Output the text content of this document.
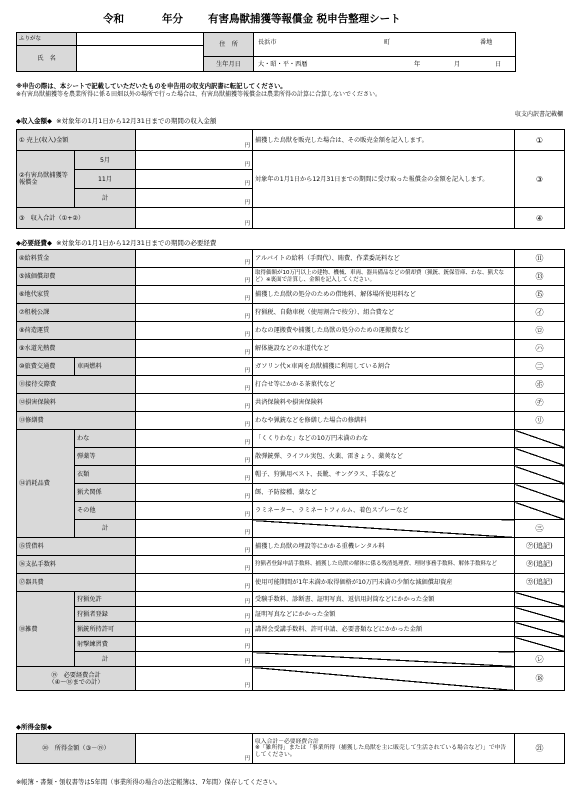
令和	年分 有害鳥獣捕獲等報償金 税申告整理シート
ふりがな		住　所	長浜市 町 番地

氏　名			
		生年月日	大・昭・平・西暦 年 月 日
※申告の際は、本シートで記載していただいたものを申告用の収支内訳書に転記してください。
※有害鳥獣捕獲等を農業所得に係る田畑以外の場所で行った場合は、有害鳥獣捕獲等報償金は農業所得の計算に合算しないでください。
◆収入金額◆ ※対象年の1月1日から12月31日までの期間の収入金額
収支内訳書記載欄
① 売上(収入)金額		円	捕獲した鳥獣を販売した場合は、その販売金額を記入します。	①
②有害鳥獣捕獲等報償金	5月	円	対象年の1月1日から12月31日までの期間に受け取った報償金の金額を記入します。	③
	11月	円		
	計	円		
③　収入合計（①+②）		円		④
◆必要経費◆ ※対象年の1月1日から12月31日までの期間の必要経費
④給料賃金		円	アルバイトの給料（手間代）、賄費、作業委託料など	⑪
⑤減価償却費		円	取得価額が10万円以上の建物、機械、車両、器具備品などの償却費（猟銃、銃保管庫、わな、猟犬など）※裏面で計算し、金額を記入してください。	⑬
⑥地代家賃		円	捕獲した鳥獣の処分のための借地料、解体場所使用料など	⑮
⑦租税公課		円	狩猟税、自動車税（使用割合で按分）、組合費など	㋑
⑧荷造運賃		円	わなの運搬費や捕獲した鳥獣の処分のための運搬費など	㋺
⑨水道光熱費		円	解体施設などの水道代など	㋩
⑩旅費交通費	車両燃料	円	ガソリン代×車両を鳥獣捕獲に利用している割合	㊁
⑪接待交際費		円	打合せ等にかかる茶菓代など	㋭
⑫損害保険料		円	共済保険料や損害保険料	㋠
⑬修繕費		円	わなや猟銃などを修繕した場合の修繕料	㋷
⑭消耗品費	わな	円	「くくりわな」などの10万円未満のわな	
	弾薬等	円	散弾銃弾、ライフル実包、火薬、雷きょう、薬莢など	
	衣類	円	帽子、狩猟用ベスト、長靴、サングラス、手袋など	
	猟犬関係	円	餌、予防接種、薬など	
	その他	円	ラミネーター、ラミネートフィルム、着色スプレーなど	
	計	円		㊂
⑮賃借料		円	捕獲した鳥獣の埋設等にかかる重機レンタル料	㋗(追記)
⑯支払手数料		円	狩猟者登録申請手数料、捕獲した鳥獣の解体に係る残渣処理費、理財事務手数料、解体手数料など	㋟(追記)
⑰器具費		円	使用可能期間が1年未満か取得価格が10万円未満の少額な減価償却資産	㋕(追記)
⑱雑費	狩猟免許	円	受験手数料、診断書、証明写真、返信用封筒などにかかった金額	
	狩猟者登録	円	証明写真などにかかった金額	
	猟銃所持許可	円	講習会受講手数料、許可申請、必要書類などにかかった金額	
	射撃練習費	円		
	計	円		㋹

⑲　必要経費合計
（④～⑱までの計）		円		⑱
◆所得金額◆
⑳　所得金額（③－⑲）	円	収入合計－必要経費合計
※「雑所得」または「事業所得（捕獲した鳥獣を主に販売して生活されている場合など）」で申告してください。	㉑
※帳簿・書類・領収書等は5年間（事業所得の場合の法定帳簿は、7年間）保存してください。
